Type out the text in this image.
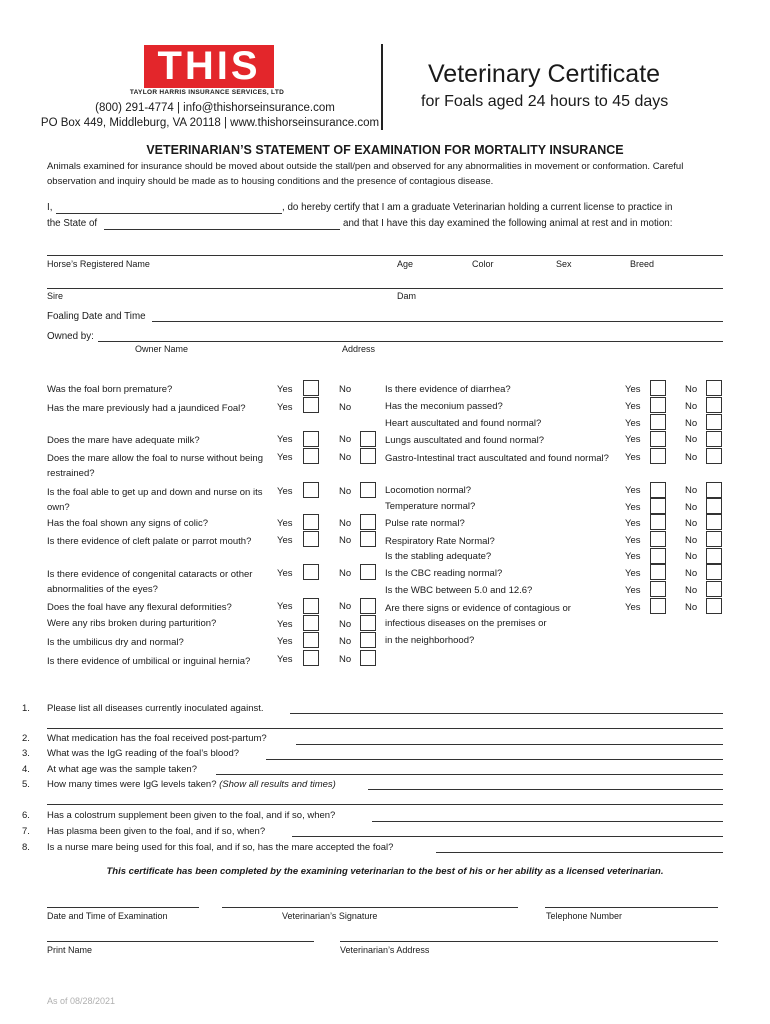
THIS
TAYLOR HARRIS INSURANCE SERVICES, LTD
(800) 291-4774 | info@thishorseinsurance.com
PO Box 449, Middleburg, VA 20118 | www.thishorseinsurance.com
Veterinary Certificate
for Foals aged 24 hours to 45 days
VETERINARIAN’S STATEMENT OF EXAMINATION FOR MORTALITY INSURANCE
Animals examined for insurance should be moved about outside the stall/pen and observed for any abnormalities in movement or conformation. Careful observation and inquiry should be made as to housing conditions and the presence of contagious disease.
I,	, do hereby certify that I am a graduate Veterinarian holding a current license to practice in
the State of	and that I have this day examined the following animal at rest and in motion:
Horse’s Registered Name	Age	Color	Sex	Breed
Sire	Dam
Foaling Date and Time
Owned by:
Owner Name	Address
Was the foal born premature?	Yes	No
Has the mare previously had a jaundiced Foal?	Yes	No
Does the mare have adequate milk?	Yes	No
Does the mare allow the foal to nurse without being restrained?
Yes	No
Is the foal able to get up and down and nurse on its own?
Yes	No
Has the foal shown any signs of colic?	Yes	No
Is there evidence of cleft palate or parrot mouth?	Yes	No
Is there evidence of congenital cataracts or other abnormalities of the eyes?
Yes	No
Does the foal have any flexural deformities?	Yes	No
Were any ribs broken during parturition?	Yes	No
Is the umbilicus dry and normal?	Yes	No
Is there evidence of umbilical or inguinal hernia?	Yes	No
Is there evidence of diarrhea?	Yes	No
Has the meconium passed?	Yes	No
Heart auscultated and found normal?	Yes	No
Lungs auscultated and found normal?	Yes	No
Gastro-Intestinal tract auscultated and found normal? Yes	No
Locomotion normal?	Yes	No
Temperature normal?	Yes	No
Pulse rate normal?	Yes	No
Respiratory Rate Normal?	Yes	No
Is the stabling adequate?	Yes	No
Is the CBC reading normal?	Yes	No
Is the WBC between 5.0 and 12.6?	Yes	No
Are there signs or evidence of contagious or infectious diseases on the premises or
Yes	No
in the neighborhood?
1. Please list all diseases currently inoculated against.
2. What medication has the foal received post-partum?
3. What was the IgG reading of the foal’s blood?
4. At what age was the sample taken?
5. How many times were IgG levels taken? (Show all results and times)
6. Has a colostrum supplement been given to the foal, and if so, when?
7. Has plasma been given to the foal, and if so, when?
8. Is a nurse mare being used for this foal, and if so, has the mare accepted the foal?
This certificate has been completed by the examining veterinarian to the best of his or her ability as a licensed veterinarian.
Date and Time of Examination	Veterinarian’s Signature	Telephone Number
Print Name	Veterinarian’s Address
As of 08/28/2021
